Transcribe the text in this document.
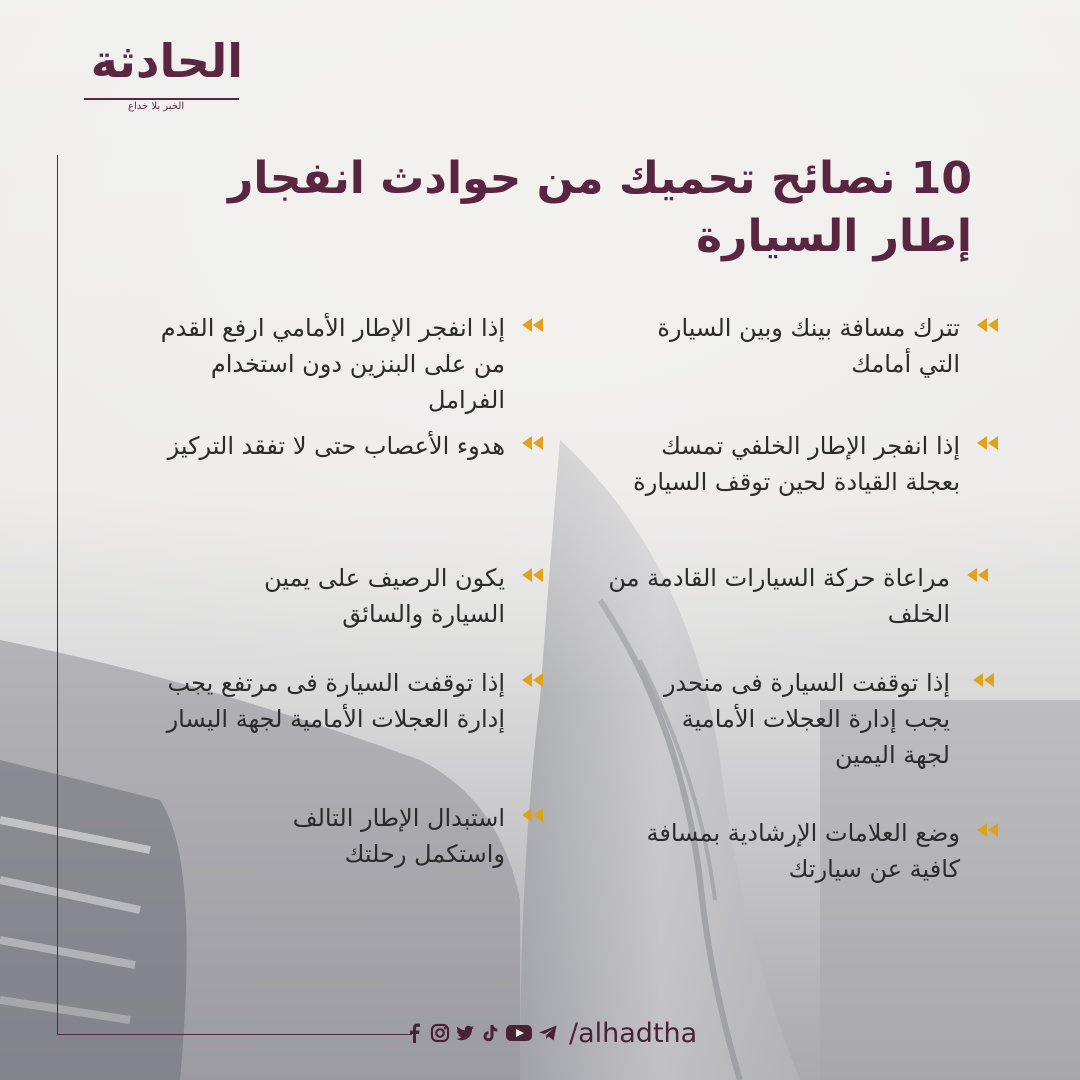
الحادثة
الخبر بلا خداع
10 نصائح تحميك من حوادث انفجار إطار السيارة
تترك مسافة بينك وبين السيارة التي أمامك
إذا انفجر الإطار الخلفي تمسك بعجلة القيادة لحين توقف السيارة
مراعاة حركة السيارات القادمة من الخلف
إذا توقفت السيارة فى منحدر يجب إدارة العجلات الأمامية لجهة اليمين
وضع العلامات الإرشادية بمسافة كافية عن سيارتك
إذا انفجر الإطار الأمامي ارفع القدم من على البنزين دون استخدام الفرامل
هدوء الأعصاب حتى لا تفقد التركيز
يكون الرصيف على يمين السيارة والسائق
إذا توقفت السيارة فى مرتفع يجب إدارة العجلات الأمامية لجهة اليسار
استبدال الإطار التالف واستكمل رحلتك
/alhadtha
